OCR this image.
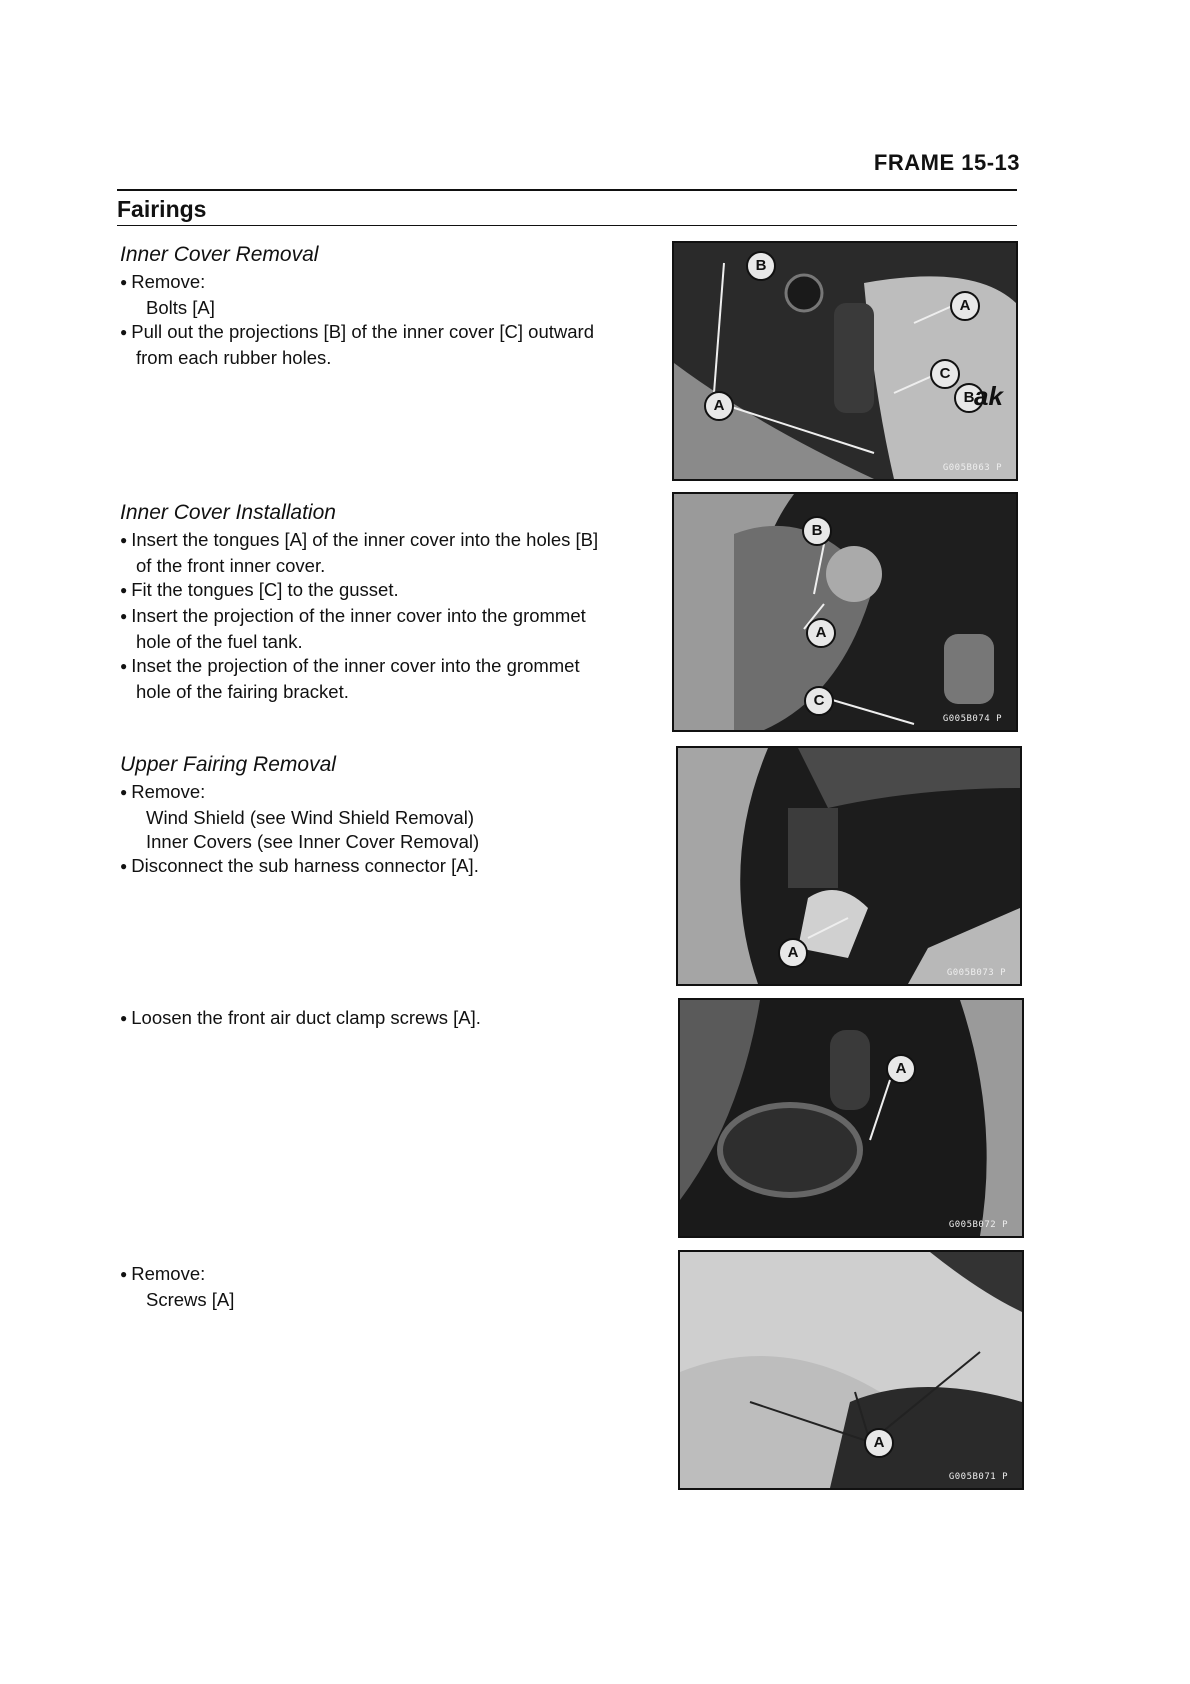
FRAME 15-13
Fairings
Inner Cover Removal
● Remove:
Bolts [A]
● Pull out the projections [B] of the inner cover [C] outward
from each rubber holes.
Inner Cover Installation
● Insert the tongues [A] of the inner cover into the holes [B]
of the front inner cover.
● Fit the tongues [C] to the gusset.
● Insert the projection of the inner cover into the grommet
hole of the fuel tank.
● Inset the projection of the inner cover into the grommet
hole of the fairing bracket.
Upper Fairing Removal
● Remove:
Wind Shield (see Wind Shield Removal)
Inner Covers (see Inner Cover Removal)
● Disconnect the sub harness connector [A].
● Loosen the front air duct clamp screws [A].
● Remove:
Screws [A]
B
A
C
B
A	ak
G005B063 P
B
A
C
G005B074 P
A
G005B073 P
A
G005B072 P
A
G005B071 P
